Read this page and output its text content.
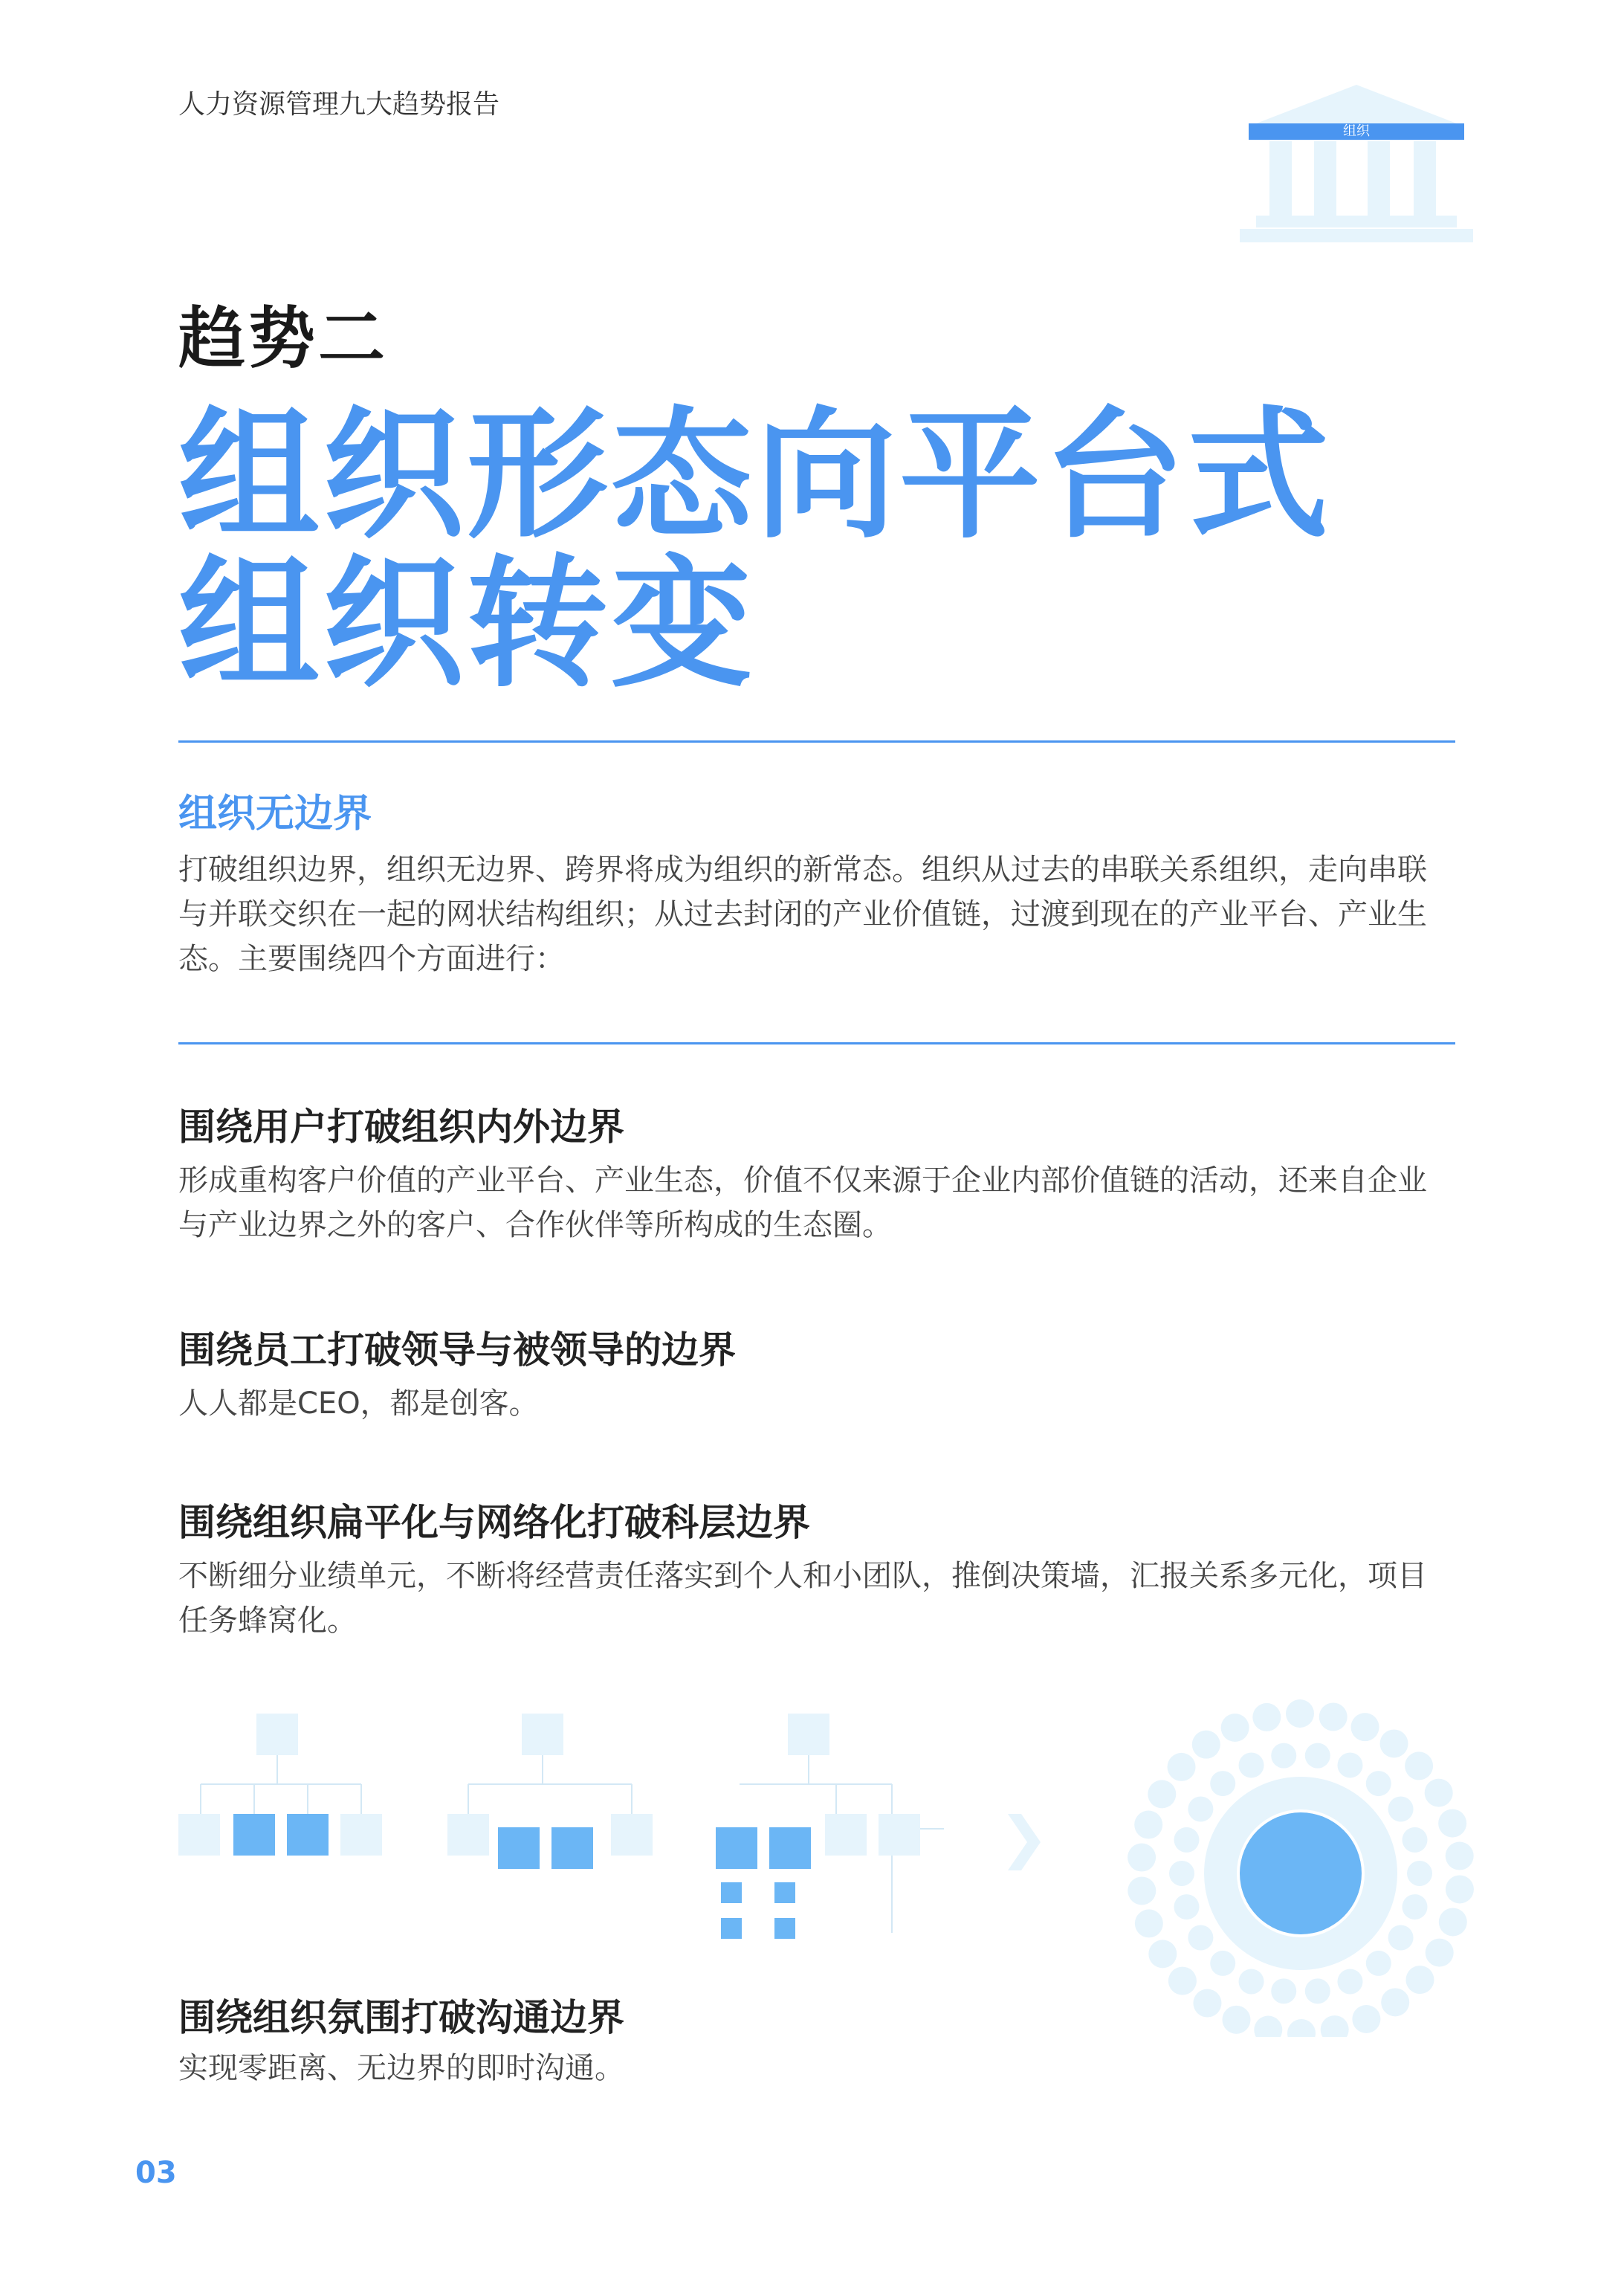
人力资源管理九大趋势报告
组织
趋势二
组织形态向平台式
组织转变
组织无边界

打破组织边界，组织无边界、跨界将成为组织的新常态。组织从过去的串联关系组织，走向串联与并联交织在一起的网状结构组织；从过去封闭的产业价值链，过渡到现在的产业平台、产业生态。主要围绕四个方面进行：

围绕用户打破组织内外边界

形成重构客户价值的产业平台、产业生态，价值不仅来源于企业内部价值链的活动，还来自企业与产业边界之外的客户、合作伙伴等所构成的生态圈。

围绕员工打破领导与被领导的边界

人人都是CEO，都是创客。

围绕组织扁平化与网络化打破科层边界

不断细分业绩单元，不断将经营责任落实到个人和小团队，推倒决策墙，汇报关系多元化，项目任务蜂窝化。

围绕组织氛围打破沟通边界

实现零距离、无边界的即时沟通。

03
